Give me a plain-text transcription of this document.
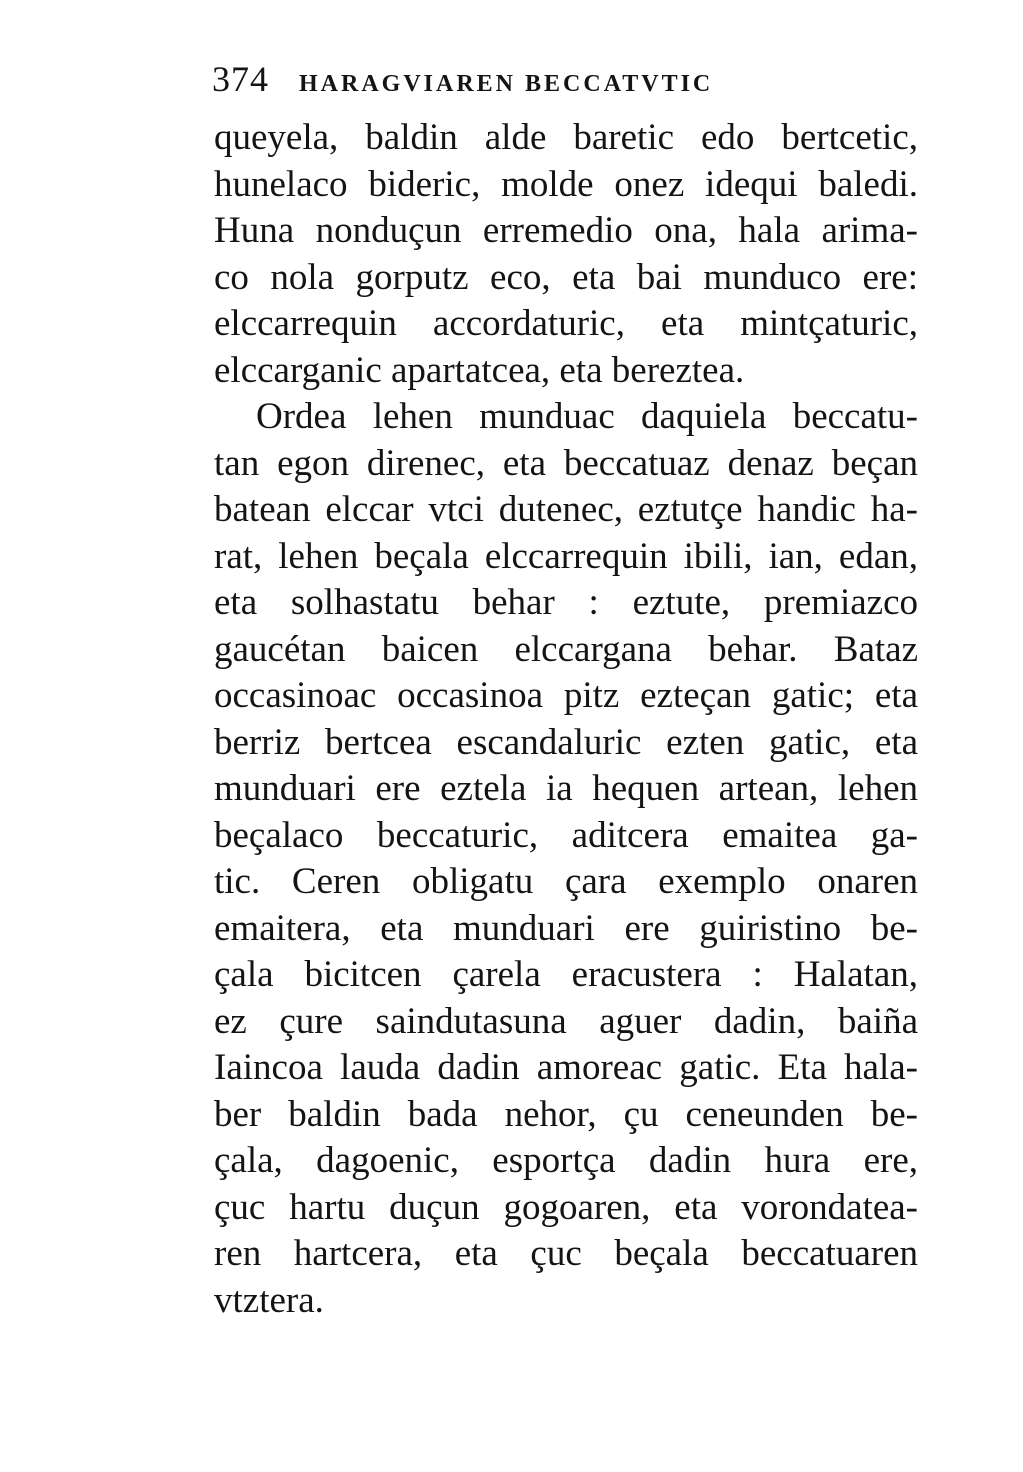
374 HARAGVIAREN BECCATVTIC
queyela, baldin alde baretic edo bertcetic,
hunelaco bideric, molde onez idequi baledi.
Huna nonduçun erremedio ona, hala arima-
co nola gorputz eco, eta bai munduco ere:
elccarrequin accordaturic, eta mintçaturic,
elccarganic apartatcea, eta bereztea.
Ordea lehen munduac daquiela beccatu-
tan egon direnec, eta beccatuaz denaz beçan
batean elccar vtci dutenec, eztutçe handic ha-
rat, lehen beçala elccarrequin ibili, ian, edan,
eta solhastatu behar : eztute, premiazco
gaucétan baicen elccargana behar. Bataz
occasinoac occasinoa pitz ezteçan gatic; eta
berriz bertcea escandaluric ezten gatic, eta
munduari ere eztela ia hequen artean, lehen
beçalaco beccaturic, aditcera emaitea ga-
tic. Ceren obligatu çara exemplo onaren
emaitera, eta munduari ere guiristino be-
çala bicitcen çarela eracustera : Halatan,
ez çure saindutasuna aguer dadin, baiña
Iaincoa lauda dadin amoreac gatic. Eta hala-
ber baldin bada nehor, çu ceneunden be-
çala, dagoenic, esportça dadin hura ere,
çuc hartu duçun gogoaren, eta vorondatea-
ren hartcera, eta çuc beçala beccatuaren
vtztera.
